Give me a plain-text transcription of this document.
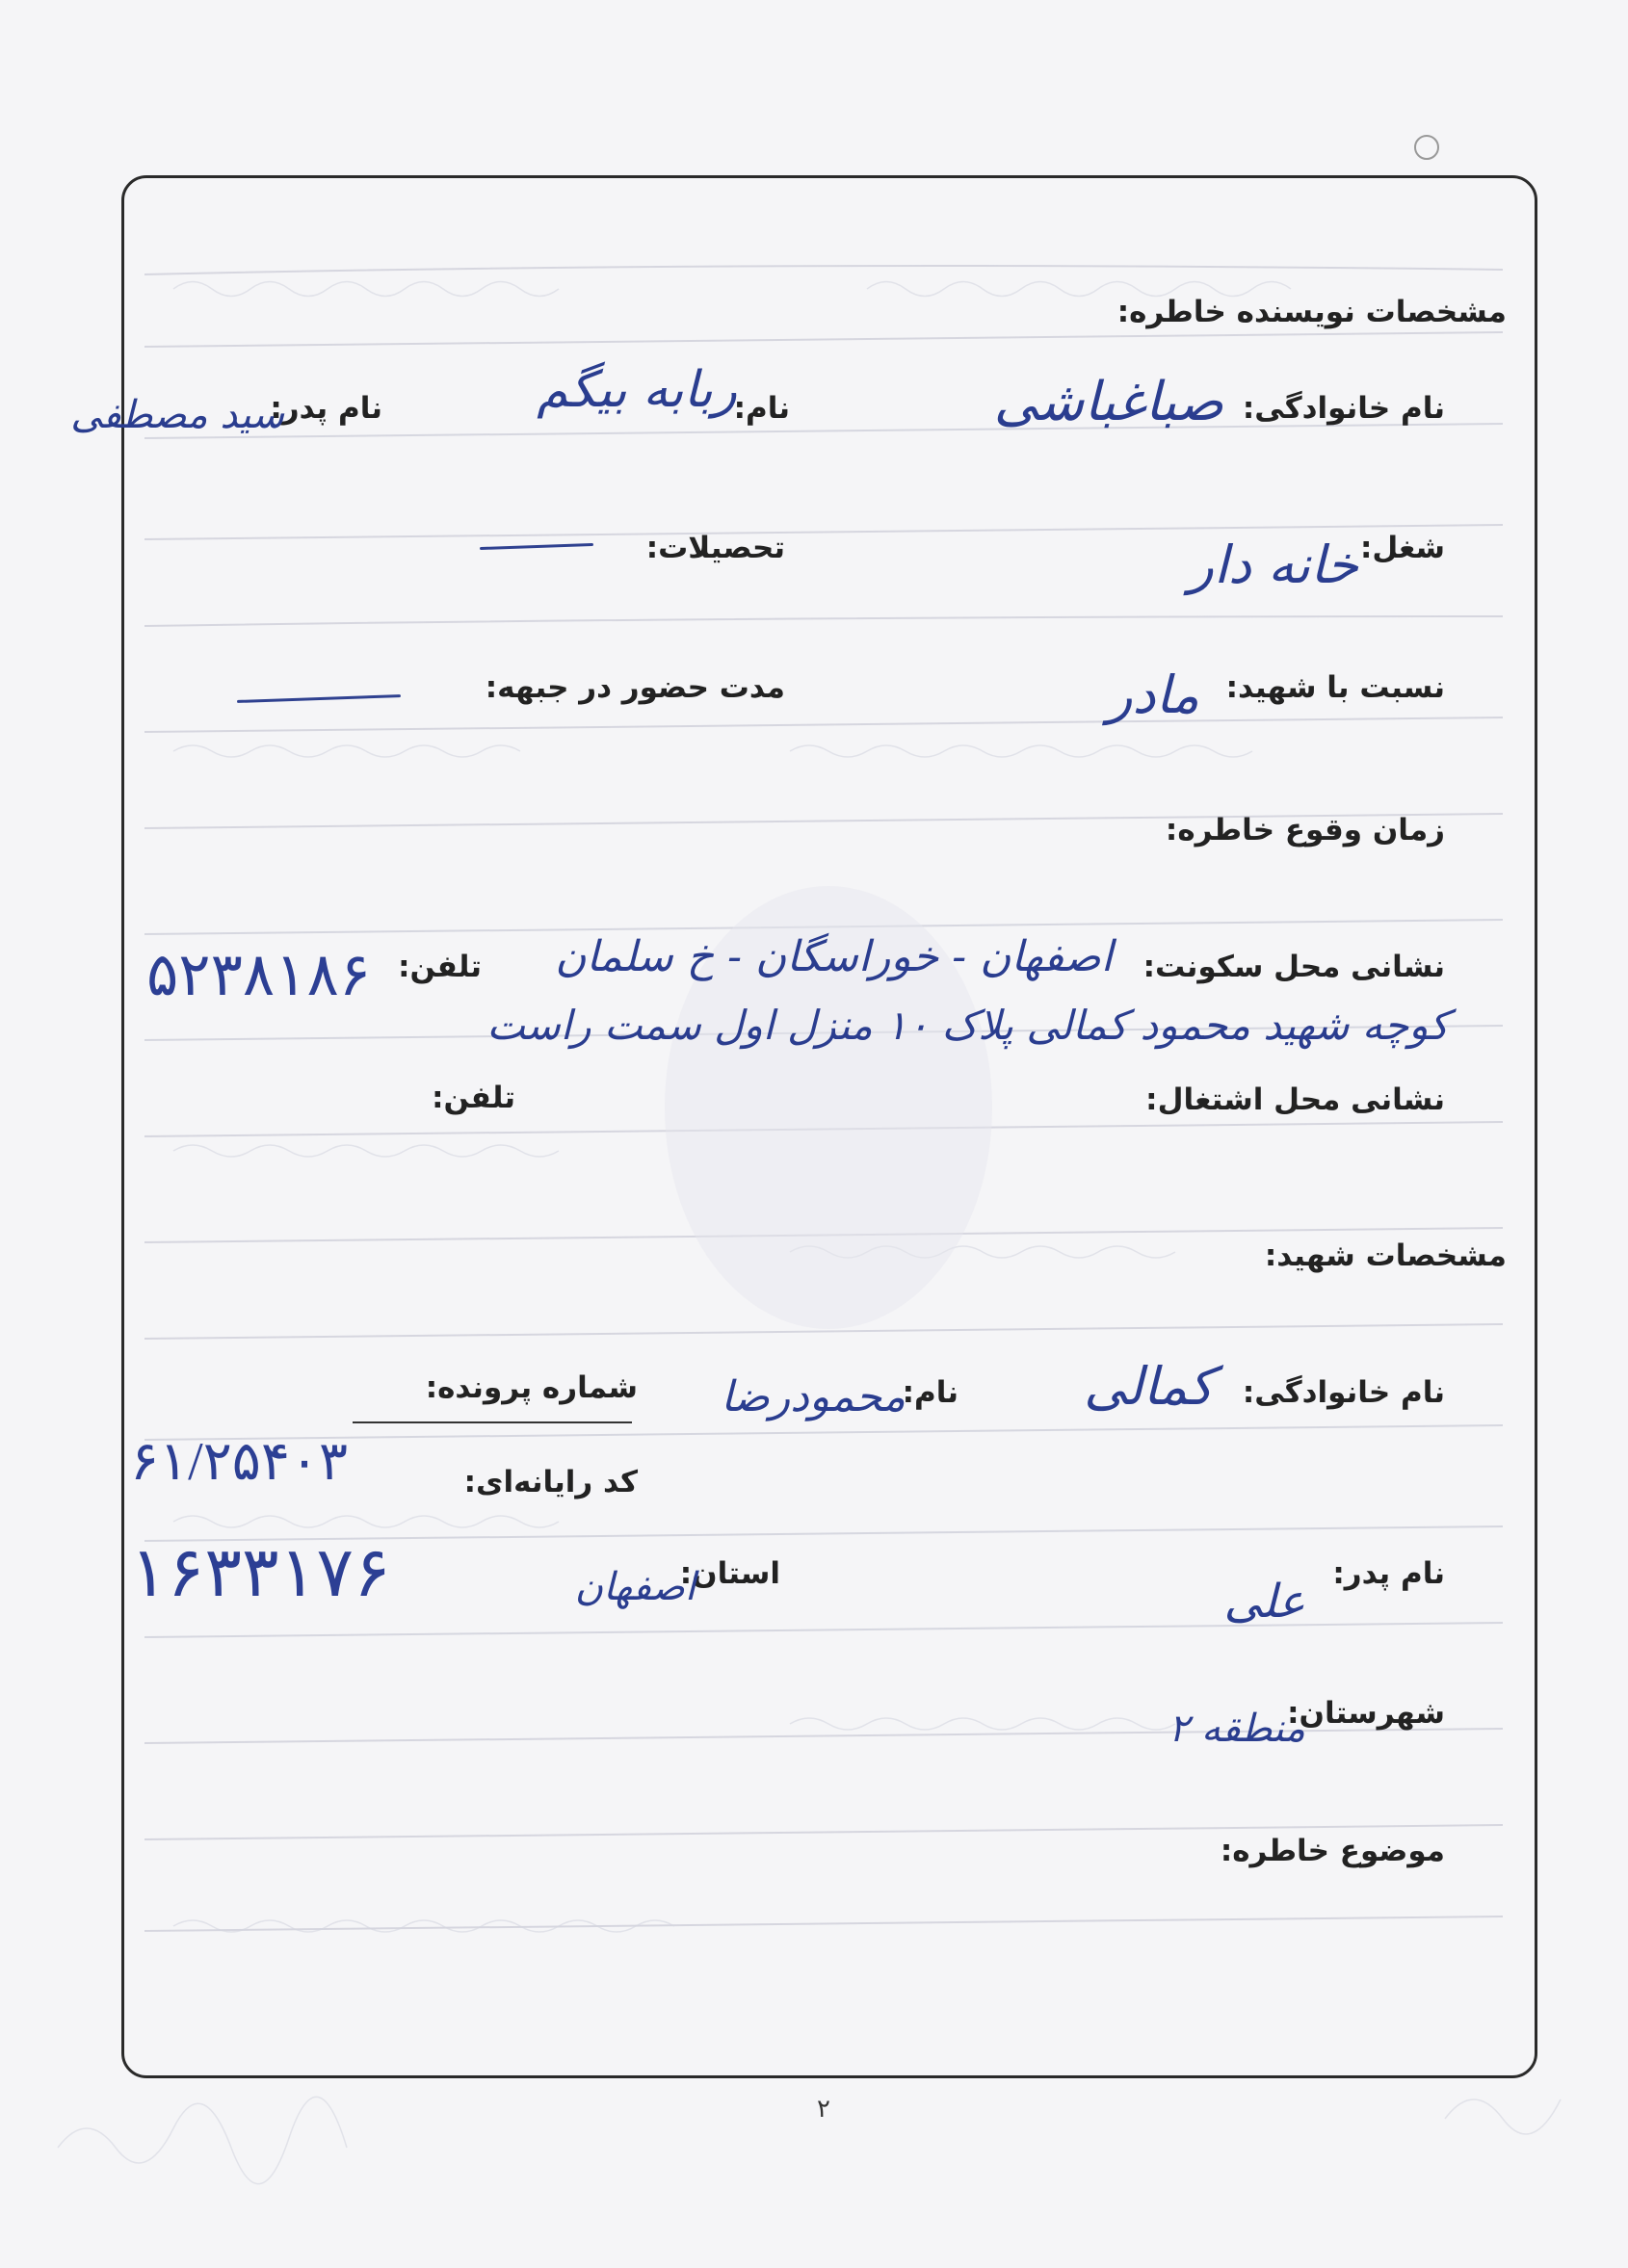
مشخصات نویسنده خاطره:
نام خانوادگی:
صباغباشی
نام:
ربابه بیگم
نام پدر:
سید مصطفی
شغل:
خانه دار
تحصیلات:
نسبت با شهید:
مادر
مدت حضور در جبهه:
زمان وقوع خاطره:
نشانی محل سکونت:
اصفهان - خوراسگان - خ سلمان
تلفن:
۵۲۳۸۱۸۶
کوچه شهید محمود کمالی پلاک ۱۰ منزل اول سمت راست
نشانی محل اشتغال:
تلفن:
مشخصات شهید:
نام خانوادگی:
کمالی
نام:
محمودرضا
شماره پرونده:
۶۱/۲۵۴۰۳	کد رایانه‌ای:
نام پدر:
علی
استان:
اصفهان
۱۶۳۳۱۷۶
شهرستان:
منطقه ۲
موضوع خاطره:
۲
